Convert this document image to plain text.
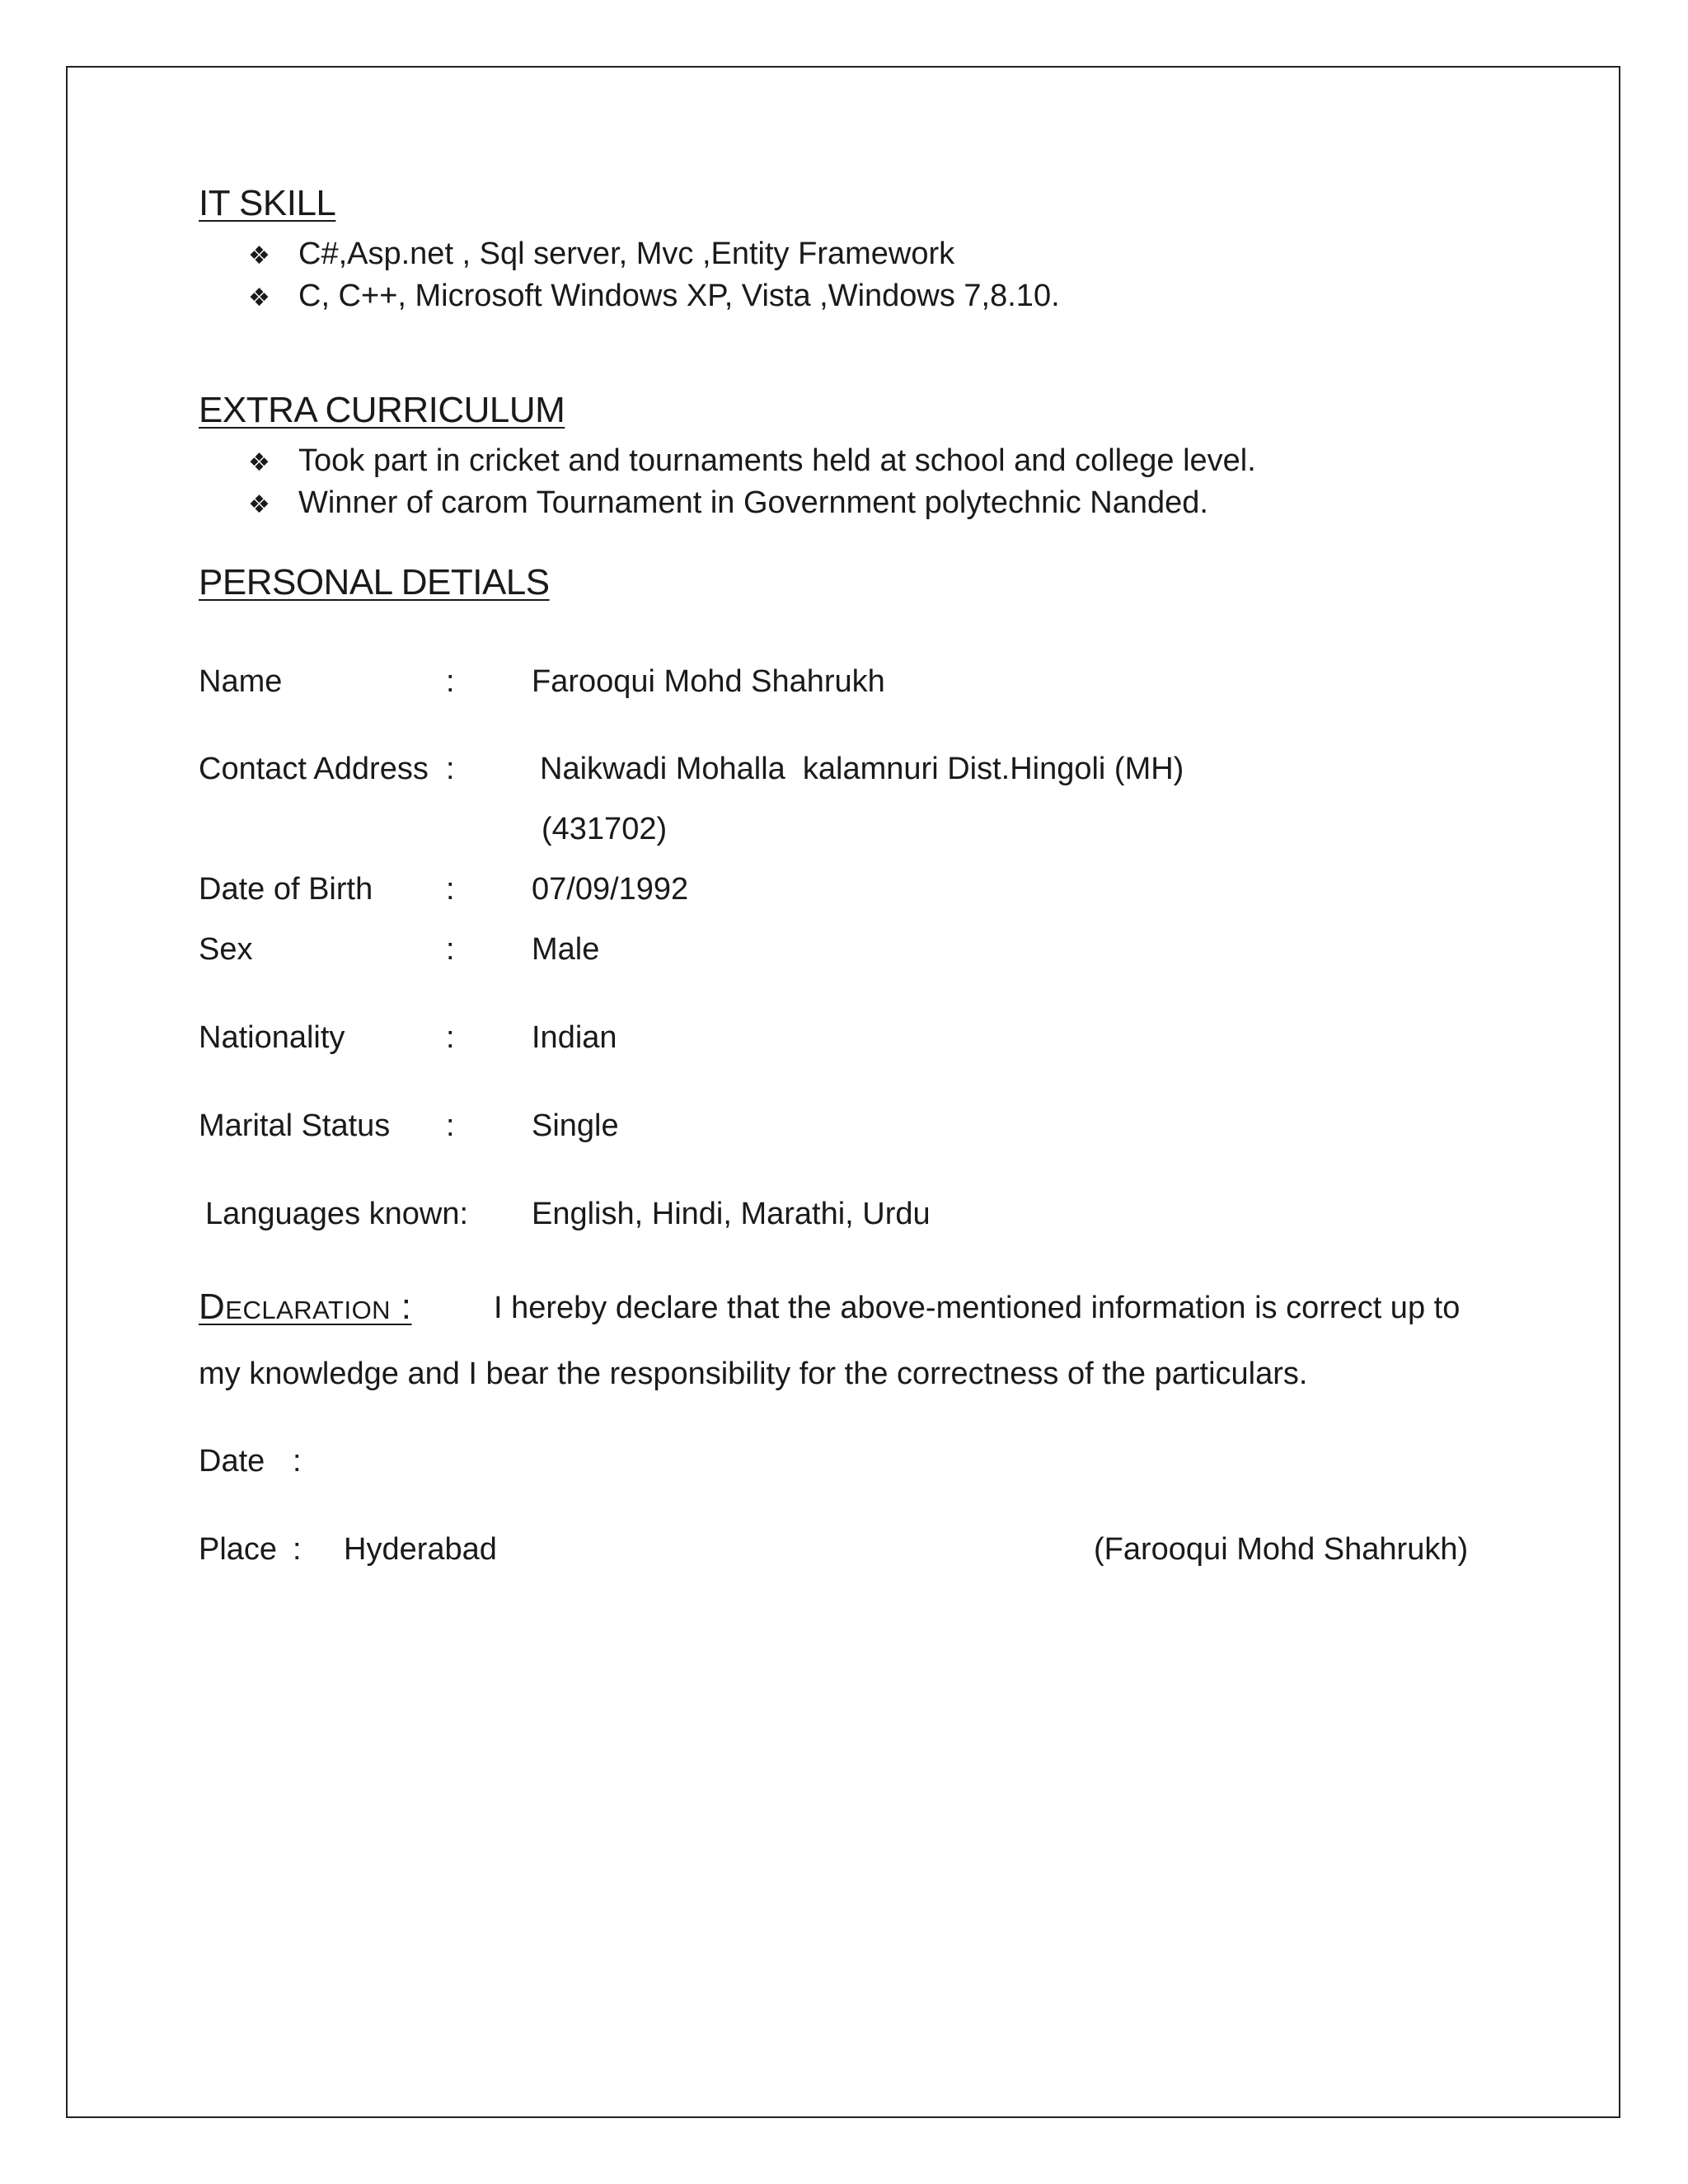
IT SKILL
❖ C#,Asp.net , Sql server, Mvc ,Entity Framework
❖ C, C++, Microsoft Windows XP, Vista ,Windows 7,8.10.
EXTRA CURRICULUM
❖ Took part in cricket and tournaments held at school and college level.
❖ Winner of carom Tournament in Government polytechnic Nanded.
PERSONAL DETIALS
Name	: Farooqui Mohd Shahrukh
Contact Address :	Naikwadi Mohalla  kalamnuri Dist.Hingoli (MH)
(431702)
Date of Birth : 07/09/1992
Sex	: Male
Nationality	: Indian
Marital Status : Single
Languages known: English, Hindi, Marathi, Urdu
Declaration :	I hereby declare that the above-mentioned information is correct up to
my knowledge and I bear the responsibility for the correctness of the particulars.
Date :
Place : Hyderabad	(Farooqui Mohd Shahrukh)
